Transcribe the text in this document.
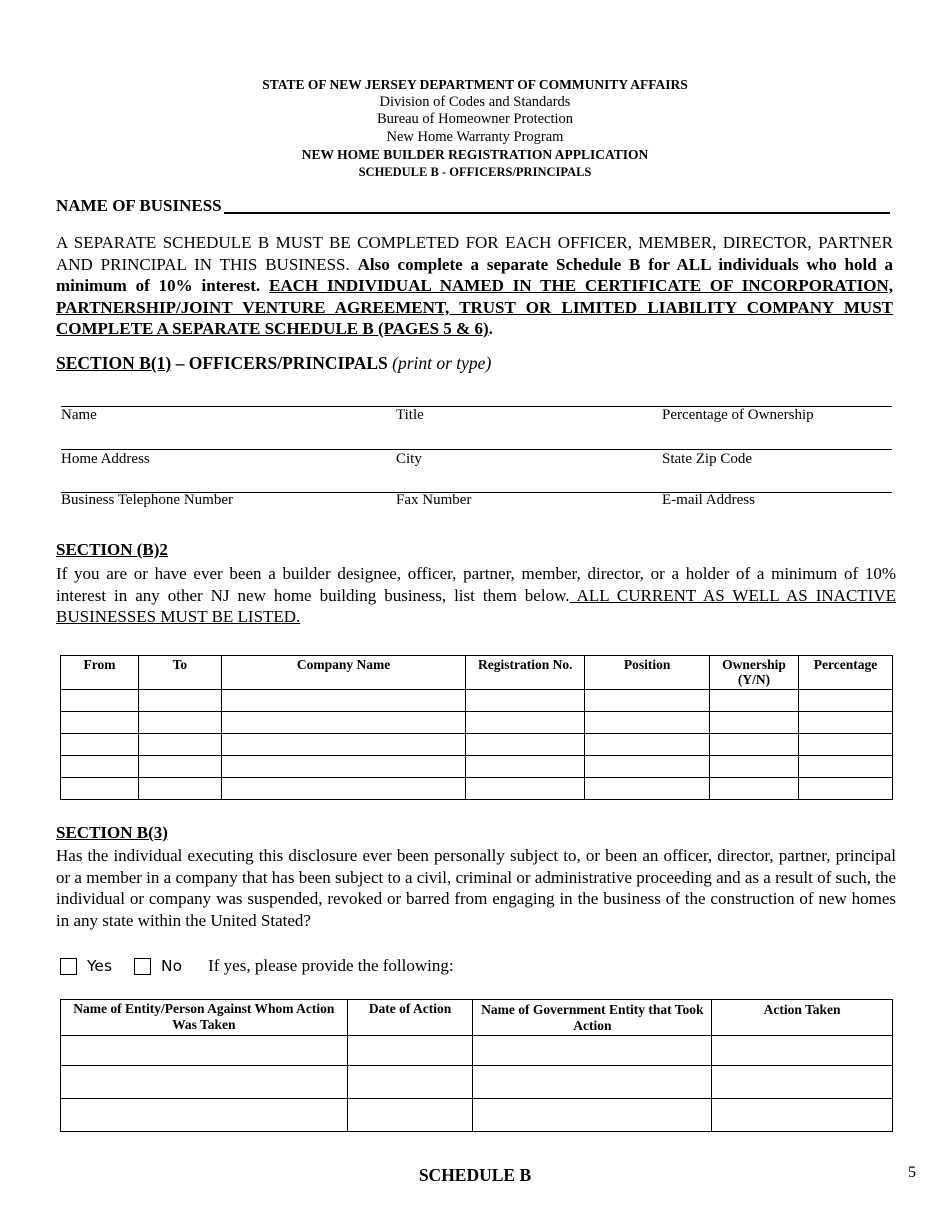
STATE OF NEW JERSEY DEPARTMENT OF COMMUNITY AFFAIRS
Division of Codes and Standards
Bureau of Homeowner Protection
New Home Warranty Program
NEW HOME BUILDER REGISTRATION APPLICATION
SCHEDULE B - OFFICERS/PRINCIPALS
NAME OF BUSINESS
A SEPARATE SCHEDULE B MUST BE COMPLETED FOR EACH OFFICER, MEMBER, DIRECTOR, PARTNER AND PRINCIPAL IN THIS BUSINESS. Also complete a separate Schedule B for ALL individuals who hold a minimum of 10% interest. EACH INDIVIDUAL NAMED IN THE CERTIFICATE OF INCORPORATION, PARTNERSHIP/JOINT VENTURE AGREEMENT, TRUST OR LIMITED LIABILITY COMPANY MUST COMPLETE A SEPARATE SCHEDULE B (PAGES 5 & 6).
SECTION B(1) – OFFICERS/PRINCIPALS (print or type)
Name	Title	Percentage of Ownership
Home Address	City	State Zip Code
Business Telephone Number	Fax Number	E-mail Address
SECTION (B)2
If you are or have ever been a builder designee, officer, partner, member, director, or a holder of a minimum of 10% interest in any other NJ new home building business, list them below. ALL CURRENT AS WELL AS INACTIVE BUSINESSES MUST BE LISTED.
From	To	Company Name	Registration No.	Position	Ownership (Y/N)	Percentage

SECTION B(3)
Has the individual executing this disclosure ever been personally subject to, or been an officer, director, partner, principal or a member in a company that has been subject to a civil, criminal or administrative proceeding and as a result of such, the individual or company was suspended, revoked or barred from engaging in the business of the construction of new homes in any state within the United Stated?
Yes	No If yes, please provide the following:
Name of Entity/Person Against Whom Action Was Taken	Date of Action	Name of Government Entity that Took Action	Action Taken

SCHEDULE B	5
